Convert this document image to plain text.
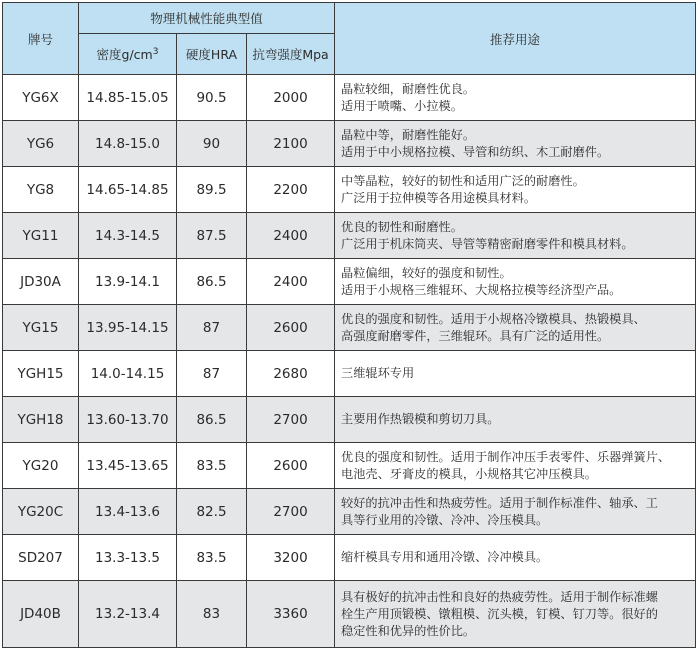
牌号	物理机械性能典型值			推荐用途
	密度$g/cm^3$	硬度HRA	抗弯强度Mpa	
YG6X	14.85-15.05	90.5	2000	晶粒较细，耐磨性优良。
适用于喷嘴、小拉模。
YG6	14.8-15.0	90	2100	晶粒中等，耐磨性能好。
适用于中小规格拉模、导管和纺织、木工耐磨件。
YG8	14.65-14.85	89.5	2200	中等晶粒，较好的韧性和适用广泛的耐磨性。
广泛用于拉伸模等各用途模具材料。
YG11	14.3-14.5	87.5	2400	优良的韧性和耐磨性。
广泛用于机床筒夹、导管等精密耐磨零件和模具材料。
JD30A	13.9-14.1	86.5	2400	晶粒偏细，较好的强度和韧性。
适用于小规格三维辊环、大规格拉模等经济型产品。
YG15	13.95-14.15	87	2600	优良的强度和韧性。适用于小规格冷镦模具、热锻模具、
高强度耐磨零件，三维辊环。具有广泛的适用性。
YGH15	14.0-14.15	87	2680	三维辊环专用
YGH18	13.60-13.70	86.5	2700	主要用作热锻模和剪切刀具。
YG20	13.45-13.65	83.5	2600	优良的强度和韧性。适用于制作冲压手表零件、乐器弹簧片、
电池壳、牙膏皮的模具，小规格其它冲压模具。
YG20C	13.4-13.6	82.5	2700	较好的抗冲击性和热疲劳性。适用于制作标准件、轴承、工
具等行业用的冷镦、冷冲、冷压模具。
SD207	13.3-13.5	83.5	3200	缩杆模具专用和通用冷镦、冷冲模具。
JD40B	13.2-13.4	83	3360	具有极好的抗冲击性和良好的热疲劳性。适用于制作标准螺
栓生产用顶锻模、镦粗模、沉头模，钉模、钉刀等。很好的
稳定性和优异的性价比。
